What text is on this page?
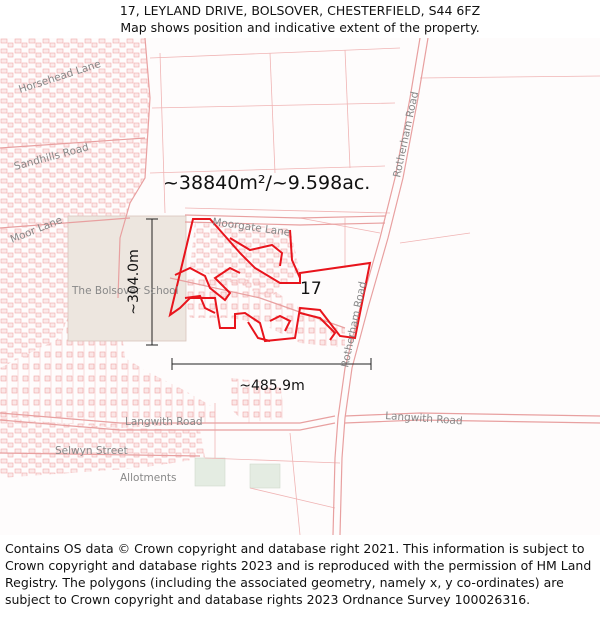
17, LEYLAND DRIVE, BOLSOVER, CHESTERFIELD, S44 6FZ
Map shows position and indicative extent of the property.
Horsehead Lane
Sandhills Road
Moor Lane	Moorgate Lane
The Bolsover School
Rotherham Road
Rotherham Road
Langwith Road
Langwith Road
Selwyn Street
Allotments
~38840m²/~9.598ac.
17
~304.0m
~485.9m
Contains OS data © Crown copyright and database right 2021. This information is subject to Crown copyright and database rights 2023 and is reproduced with the permission of HM Land Registry. The polygons (including the associated geometry, namely x, y co-ordinates) are subject to Crown copyright and database rights 2023 Ordnance Survey 100026316.
